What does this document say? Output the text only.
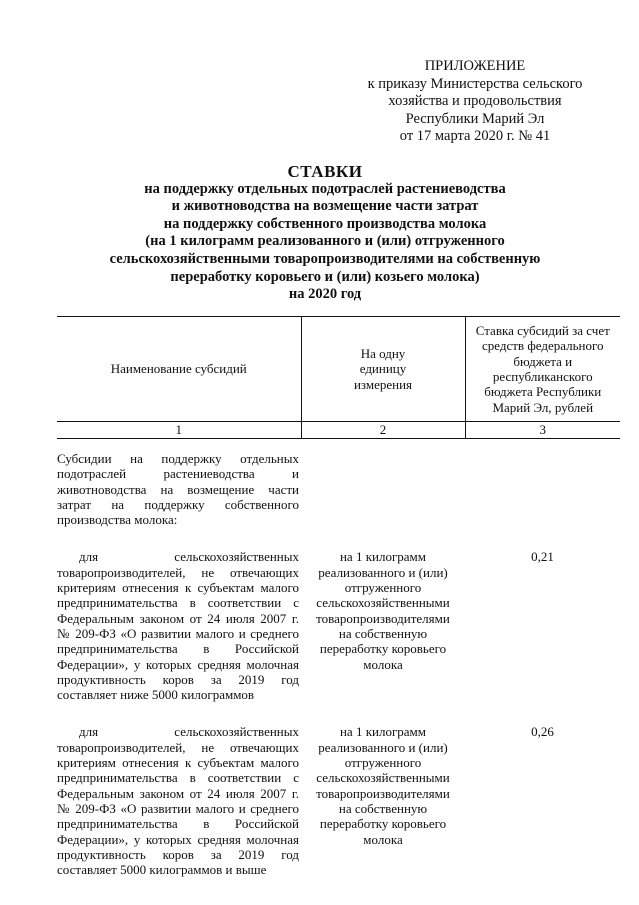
ПРИЛОЖЕНИЕ
к приказу Министерства сельского
хозяйства и продовольствия
Республики Марий Эл
от 17 марта 2020 г. № 41
СТАВКИ
на поддержку отдельных подотраслей растениеводства
и животноводства на возмещение части затрат
на поддержку собственного производства молока
(на 1 килограмм реализованного и (или) отгруженного
сельскохозяйственными товаропроизводителями на собственную
переработку коровьего и (или) козьего молока)
на 2020 год
Наименование субсидий	На одну единицу измерения	Ставка субсидий за счет средств федерального бюджета и республиканского бюджета Республики Марий Эл, рублей

1	2	3
Субсидии на поддержку отдельных подотраслей растениеводства и животноводства на возмещение части затрат на поддержку собственного производства молока:		
для сельскохозяйственных товаропроизводителей, не отвечающих критериям отнесения к субъектам малого предпринимательства в соответствии с Федеральным законом от 24 июля 2007 г. № 209-ФЗ «О развитии малого и среднего предпринимательства в Российской Федерации», у которых средняя молочная продуктивность коров за 2019 год составляет ниже 5000 килограммов	на 1 килограмм реализованного и (или) отгруженного сельскохозяйственными товаропроизводителями на собственную переработку коровьего молока	0,21
для сельскохозяйственных товаропроизводителей, не отвечающих критериям отнесения к субъектам малого предпринимательства в соответствии с Федеральным законом от 24 июля 2007 г. № 209-ФЗ «О развитии малого и среднего предпринимательства в Российской Федерации», у которых средняя молочная продуктивность коров за 2019 год составляет 5000 килограммов и выше	на 1 килограмм реализованного и (или) отгруженного сельскохозяйственными товаропроизводителями на собственную переработку коровьего молока	0,26
